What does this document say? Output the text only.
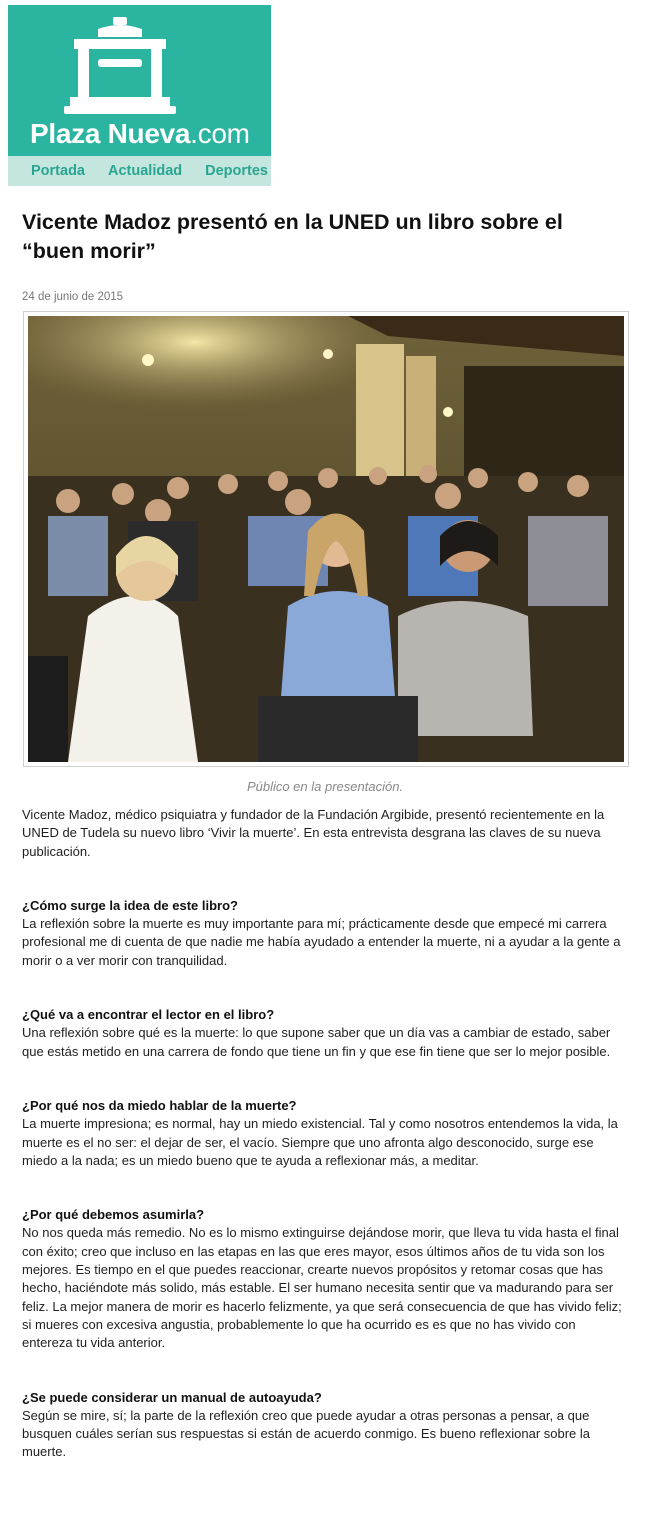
Plaza Nueva.com
Portada Actualidad Deportes
Vicente Madoz presentó en la UNED un libro sobre el “buen morir”
24 de junio de 2015
Público en la presentación.

Vicente Madoz, médico psiquiatra y fundador de la Fundación Argibide, presentó recientemente en la UNED de Tudela su nuevo libro ‘Vivir la muerte’. En esta entrevista desgrana las claves de su nueva publicación.

¿Cómo surge la idea de este libro?

La reflexión sobre la muerte es muy importante para mí; prácticamente desde que empecé mi carrera profesional me di cuenta de que nadie me había ayudado a entender la muerte, ni a ayudar a la gente a morir o a ver morir con tranquilidad.

¿Qué va a encontrar el lector en el libro?

Una reflexión sobre qué es la muerte: lo que supone saber que un día vas a cambiar de estado, saber que estás metido en una carrera de fondo que tiene un fin y que ese fin tiene que ser lo mejor posible.

¿Por qué nos da miedo hablar de la muerte?

La muerte impresiona; es normal, hay un miedo existencial. Tal y como nosotros entendemos la vida, la muerte es el no ser: el dejar de ser, el vacío. Siempre que uno afronta algo desconocido, surge ese miedo a la nada; es un miedo bueno que te ayuda a reflexionar más, a meditar.

¿Por qué debemos asumirla?

No nos queda más remedio. No es lo mismo extinguirse dejándose morir, que lleva tu vida hasta el final con éxito; creo que incluso en las etapas en las que eres mayor, esos últimos años de tu vida son los mejores. Es tiempo en el que puedes reaccionar, crearte nuevos propósitos y retomar cosas que has hecho, haciéndote más solido, más estable. El ser humano necesita sentir que va madurando para ser feliz. La mejor manera de morir es hacerlo felizmente, ya que será consecuencia de que has vivido feliz; si mueres con excesiva angustia, probablemente lo que ha ocurrido es es que no has vivido con entereza tu vida anterior.

¿Se puede considerar un manual de autoayuda?

Según se mire, sí; la parte de la reflexión creo que puede ayudar a otras personas a pensar, a que busquen cuáles serían sus respuestas si están de acuerdo conmigo. Es bueno reflexionar sobre la muerte.
